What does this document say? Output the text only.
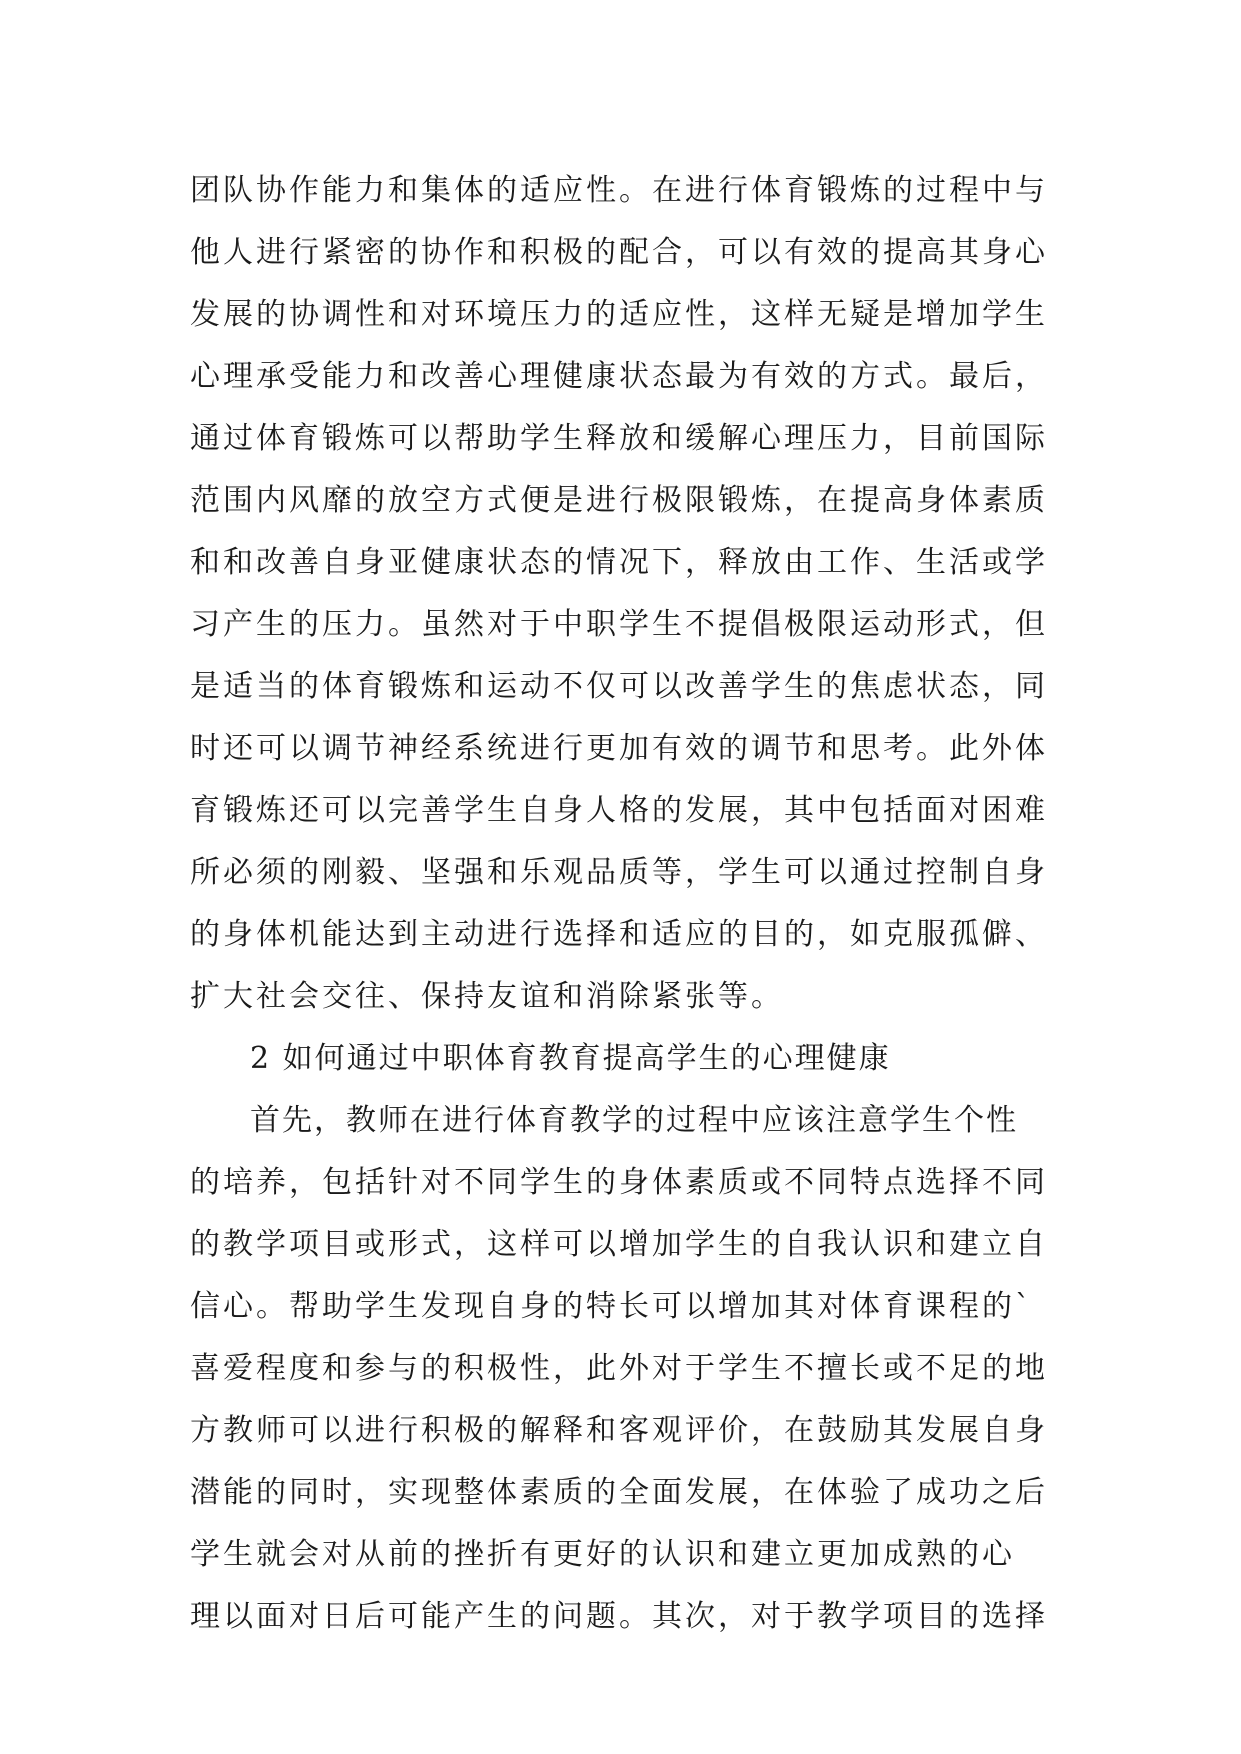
团队协作能力和集体的适应性。在进行体育锻炼的过程中与
他人进行紧密的协作和积极的配合，可以有效的提高其身心
发展的协调性和对环境压力的适应性，这样无疑是增加学生
心理承受能力和改善心理健康状态最为有效的方式。最后，
通过体育锻炼可以帮助学生释放和缓解心理压力，目前国际
范围内风靡的放空方式便是进行极限锻炼，在提高身体素质
和和改善自身亚健康状态的情况下，释放由工作、生活或学
习产生的压力。虽然对于中职学生不提倡极限运动形式，但
是适当的体育锻炼和运动不仅可以改善学生的焦虑状态，同
时还可以调节神经系统进行更加有效的调节和思考。此外体
育锻炼还可以完善学生自身人格的发展，其中包括面对困难
所必须的刚毅、坚强和乐观品质等，学生可以通过控制自身
的身体机能达到主动进行选择和适应的目的，如克服孤僻、
扩大社会交往、保持友谊和消除紧张等。
2 如何通过中职体育教育提高学生的心理健康
首先，教师在进行体育教学的过程中应该注意学生个性
的培养，包括针对不同学生的身体素质或不同特点选择不同
的教学项目或形式，这样可以增加学生的自我认识和建立自
信心。帮助学生发现自身的特长可以增加其对体育课程的`
喜爱程度和参与的积极性，此外对于学生不擅长或不足的地
方教师可以进行积极的解释和客观评价，在鼓励其发展自身
潜能的同时，实现整体素质的全面发展，在体验了成功之后
学生就会对从前的挫折有更好的认识和建立更加成熟的心
理以面对日后可能产生的问题。其次，对于教学项目的选择
